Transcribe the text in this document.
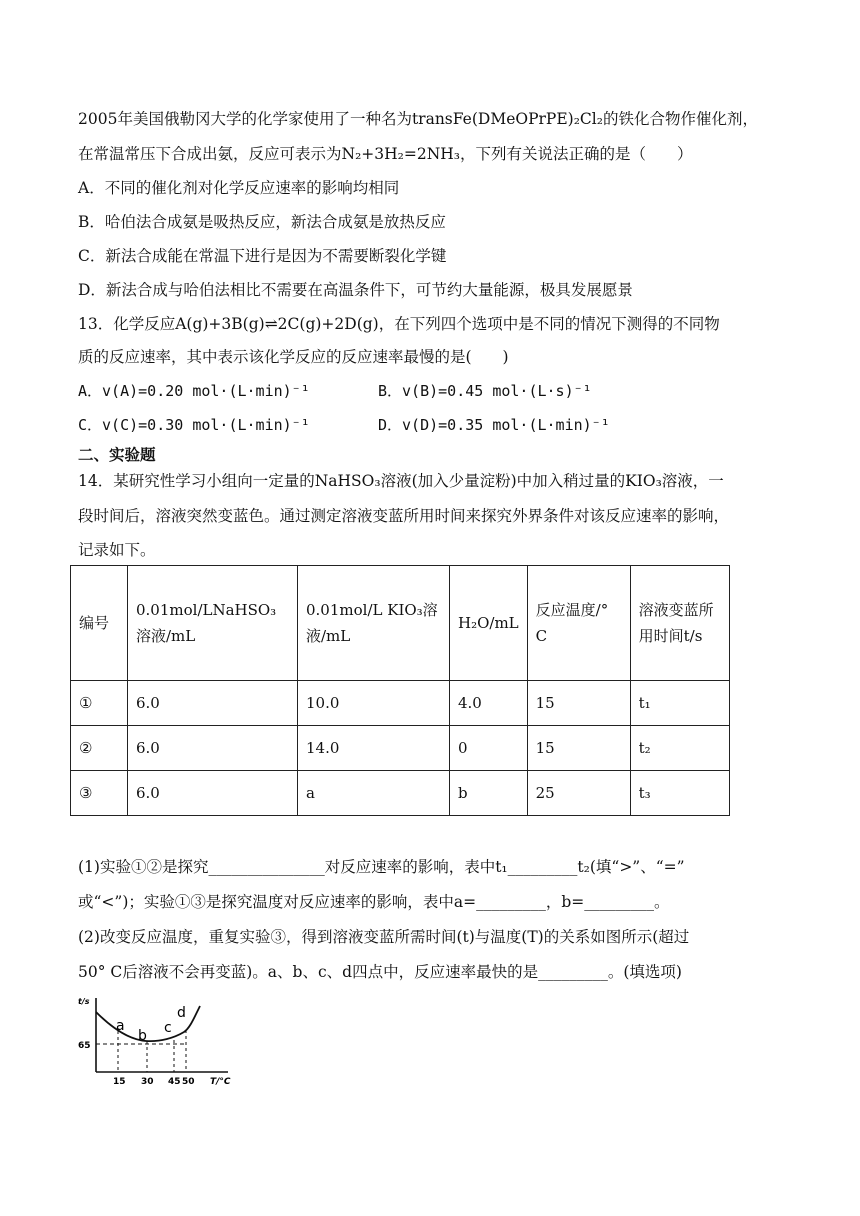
2005年美国俄勒冈大学的化学家使用了一种名为transFe(DMeOPrPE)₂Cl₂的铁化合物作催化剂，
在常温常压下合成出氨，反应可表示为N₂+3H₂=2NH₃，下列有关说法正确的是（　　）
A．不同的催化剂对化学反应速率的影响均相同
B．哈伯法合成氨是吸热反应，新法合成氨是放热反应
C．新法合成能在常温下进行是因为不需要断裂化学键
D．新法合成与哈伯法相比不需要在高温条件下，可节约大量能源，极具发展愿景
13．化学反应A(g)+3B(g)⇌2C(g)+2D(g)，在下列四个选项中是不同的情况下测得的不同物
质的反应速率，其中表示该化学反应的反应速率最慢的是(　　)
A．v(A)=0.20 mol·(L·min)⁻¹	B．v(B)=0.45 mol·(L·s)⁻¹
C．v(C)=0.30 mol·(L·min)⁻¹	D．v(D)=0.35 mol·(L·min)⁻¹
二、实验题
14．某研究性学习小组向一定量的NaHSO₃溶液(加入少量淀粉)中加入稍过量的KIO₃溶液，一
段时间后，溶液突然变蓝色。通过测定溶液变蓝所用时间来探究外界条件对该反应速率的影响，
记录如下。
编号	0.01mol/LNaHSO₃溶液/mL	0.01mol/L KIO₃溶液/mL	H₂O/mL	反应温度/° C	溶液变蓝所用时间t/s
①	6.0	10.0	4.0	15	t₁
②	6.0	14.0	0	15	t₂
③	6.0	a	b	25	t₃
(1)实验①②是探究_______________对反应速率的影响，表中t₁_________t₂(填“>”、“=”
或“<”)；实验①③是探究温度对反应速率的影响，表中a=_________，b=_________。
(2)改变反应温度，重复实验③，得到溶液变蓝所需时间(t)与温度(T)的关系如图所示(超过
50° C后溶液不会再变蓝)。a、b、c、d四点中，反应速率最快的是_________。(填选项)
t/s
65
15 30 45 50 T/°C
a
b c
d
